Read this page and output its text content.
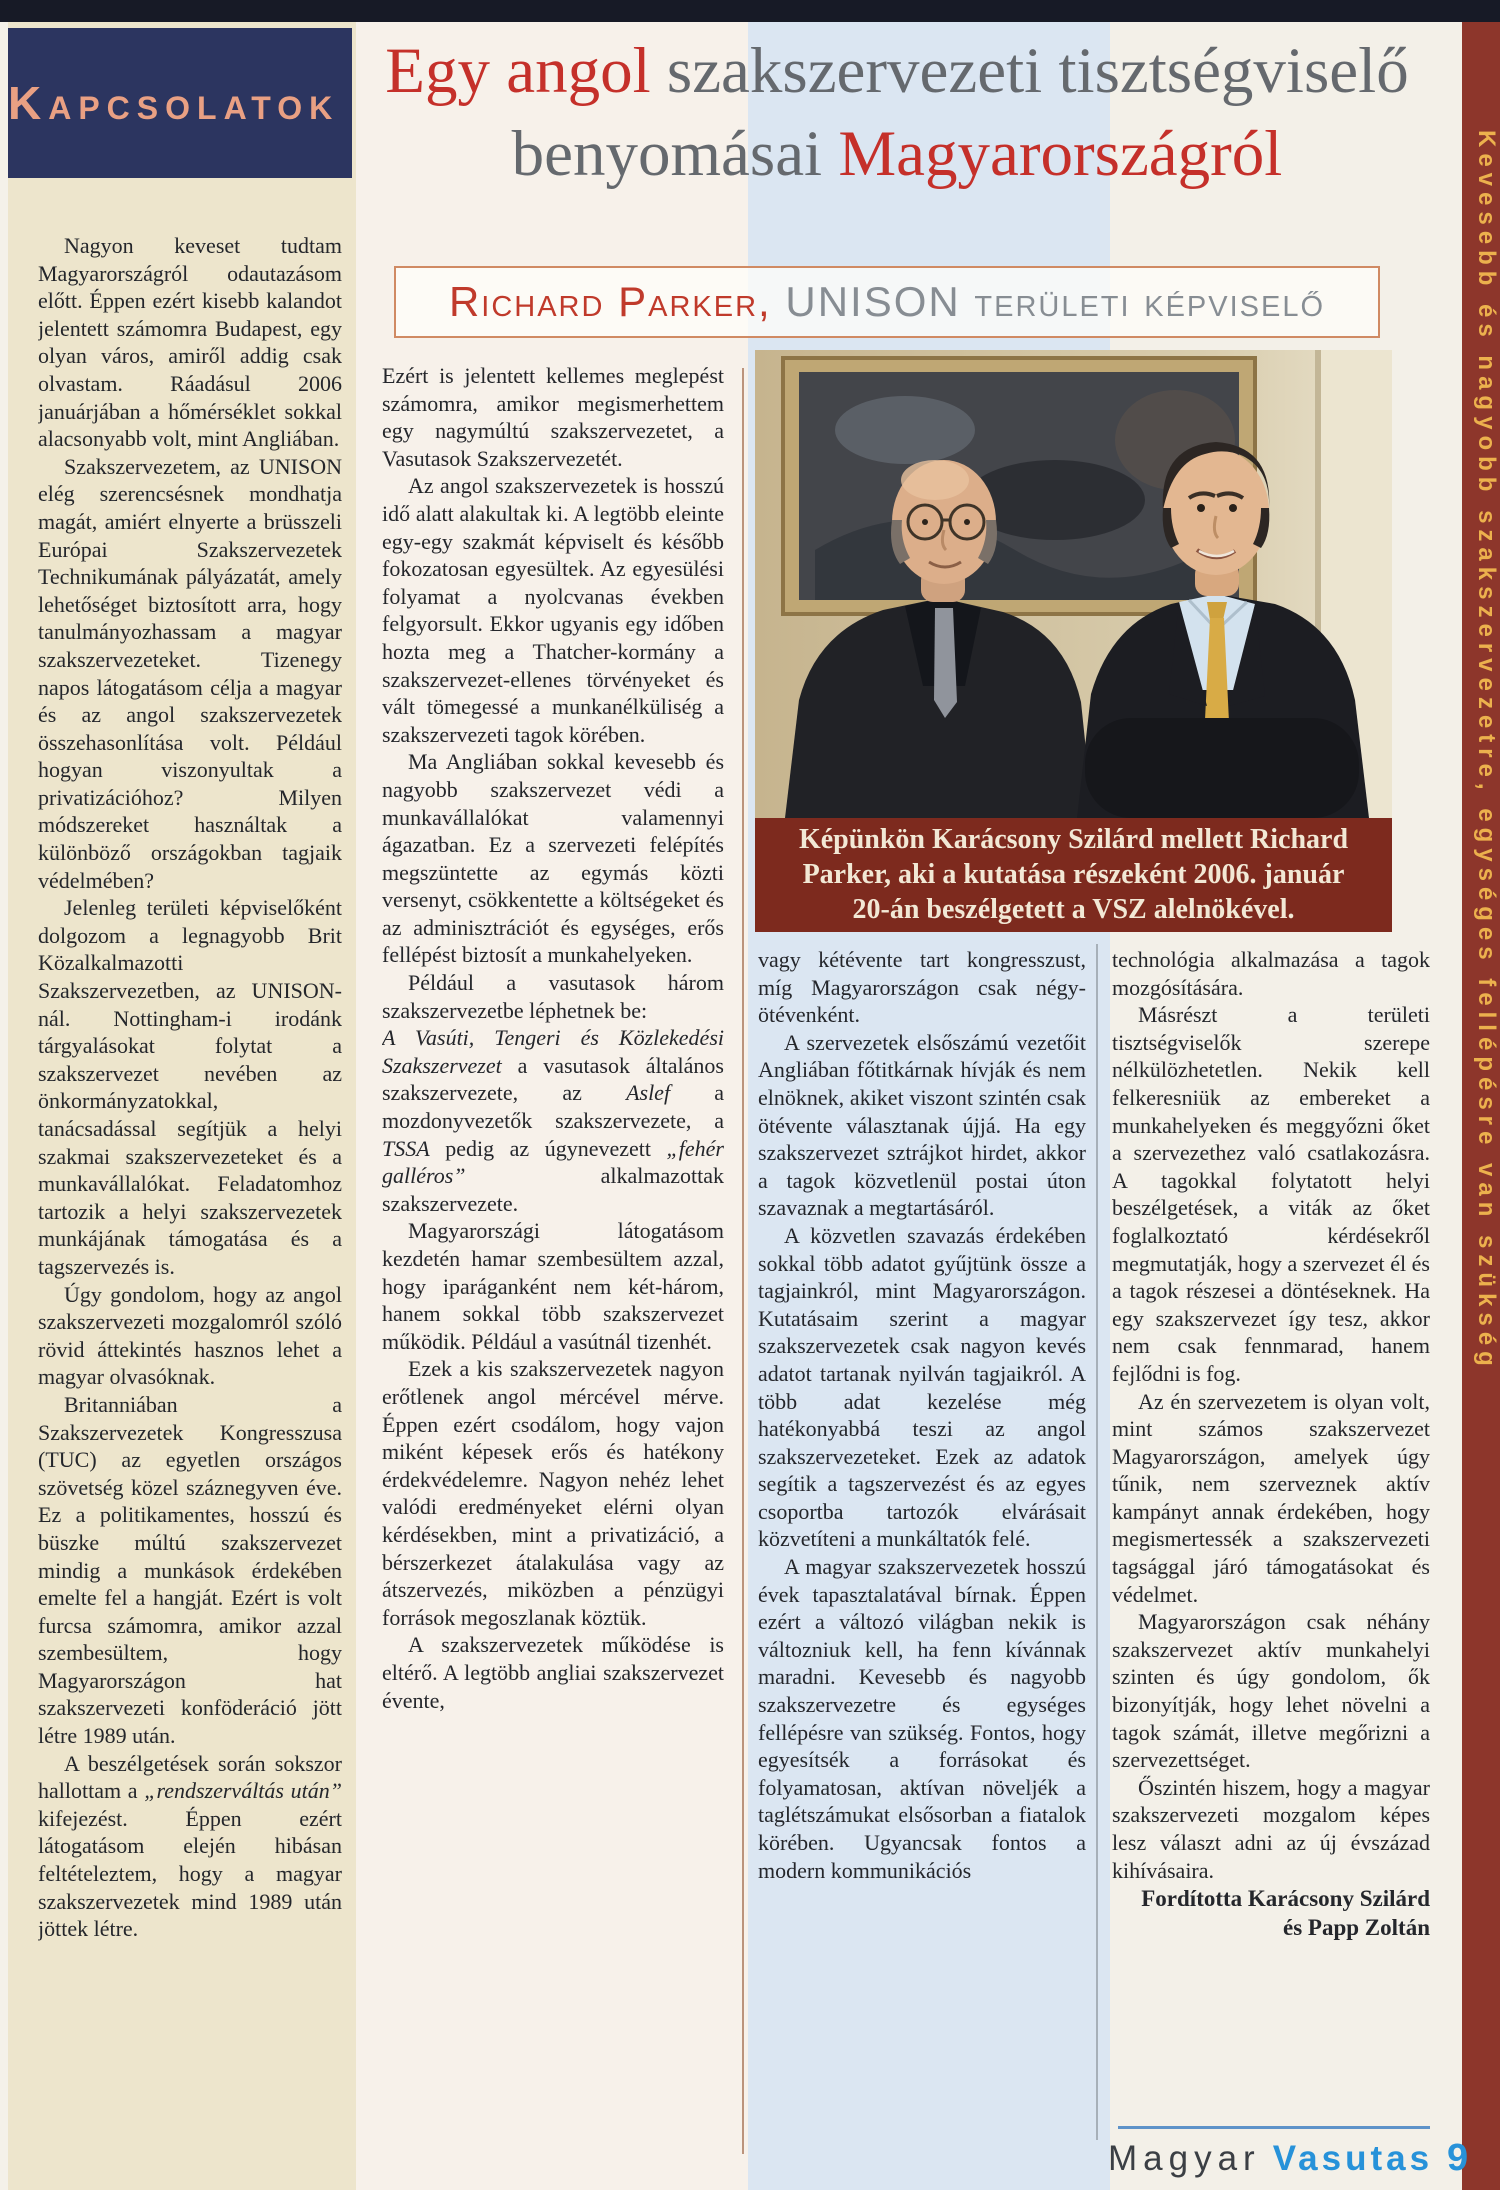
Kapcsolatok Egy angol szakszervezeti tisztségviselő
benyomásai Magyarországról
Richard Parker, UNISON területi képviselő

Nagyon keveset tudtam Magyarországról odautazásom előtt. Éppen ezért kisebb kalandot jelentett számomra Budapest, egy olyan város, amiről addig csak olvastam. Ráadásul 2006 januárjában a hőmérséklet sokkal alacsonyabb volt, mint Angliában.

Szakszervezetem, az UNISON elég szerencsésnek mondhatja magát, amiért elnyerte a brüsszeli Európai Szakszervezetek Technikumának pályázatát, amely lehetőséget biztosított arra, hogy tanulmányozhassam a magyar szakszervezeteket. Tizenegy napos látogatásom célja a magyar és az angol szakszervezetek összehasonlítása volt. Például hogyan viszonyultak a privatizációhoz? Milyen módszereket használtak a különböző országokban tagjaik védelmében?

Jelenleg területi képviselőként dolgozom a legnagyobb Brit Közalkalmazotti Szakszervezetben, az UNISON-nál. Nottingham-i irodánk tárgyalásokat folytat a szakszervezet nevében az önkormányzatokkal, tanácsadással segítjük a helyi szakmai szakszervezeteket és a munkavállalókat. Feladatomhoz tartozik a helyi szakszervezetek munkájának támogatása és a tagszervezés is.

Úgy gondolom, hogy az angol szakszervezeti mozgalomról szóló rövid áttekintés hasznos lehet a magyar olvasóknak.

Britanniában a Szakszervezetek Kongresszusa (TUC) az egyetlen országos szövetség közel száznegyven éve. Ez a politikamentes, hosszú és büszke múltú szakszervezet mindig a munkások érdekében emelte fel a hangját. Ezért is volt furcsa számomra, amikor azzal szembesültem, hogy Magyarországon hat szakszervezeti konföderáció jött létre 1989 után.

A beszélgetések során sokszor hallottam a „rendszerváltás után” kifejezést. Éppen ezért látogatásom elején hibásan feltételeztem, hogy a magyar szakszervezetek mind 1989 után jöttek létre.

Ezért is jelentett kellemes meglepést számomra, amikor megismerhettem egy nagymúltú szakszervezetet, a Vasutasok Szakszervezetét.

Az angol szakszervezetek is hosszú idő alatt alakultak ki. A legtöbb eleinte egy-egy szakmát képviselt és később fokozatosan egyesültek. Az egyesülési folyamat a nyolcvanas években felgyorsult. Ekkor ugyanis egy időben hozta meg a Thatcher-kormány a szakszervezet-ellenes törvényeket és vált tömegessé a munkanélküliség a szakszervezeti tagok körében.

Ma Angliában sokkal kevesebb és nagyobb szakszervezet védi a munkavállalókat valamennyi ágazatban. Ez a szervezeti felépítés megszüntette az egymás közti versenyt, csökkentette a költségeket és az adminisztrációt és egységes, erős fellépést biztosít a munkahelyeken.

Például a vasutasok három szakszervezetbe léphetnek be:

A Vasúti, Tengeri és Közlekedési Szakszervezet a vasutasok általános szakszervezete, az Aslef a mozdonyvezetők szakszervezete, a TSSA pedig az úgynevezett „fehér galléros” alkalmazottak szakszervezete.

Magyarországi látogatásom kezdetén hamar szembesültem azzal, hogy iparáganként nem két-három, hanem sokkal több szakszervezet működik. Például a vasútnál tizenhét.

Ezek a kis szakszervezetek nagyon erőtlenek angol mércével mérve. Éppen ezért csodálom, hogy vajon miként képesek erős és hatékony érdekvédelemre. Nagyon nehéz lehet valódi eredményeket elérni olyan kérdésekben, mint a privatizáció, a bérszerkezet átalakulása vagy az átszervezés, miközben a pénzügyi források megoszlanak köztük.

A szakszervezetek működése is eltérő. A legtöbb angliai szakszervezet évente,

Képünkön Karácsony Szilárd mellett Richard Parker, aki a kutatása részeként 2006. január 20-án beszélgetett a VSZ alelnökével.

vagy kétévente tart kongresszust, míg Magyarországon csak négy-ötévenként.

A szervezetek elsőszámú vezetőit Angliában főtitkárnak hívják és nem elnöknek, akiket viszont szintén csak ötévente választanak újjá. Ha egy szakszervezet sztrájkot hirdet, akkor a tagok közvetlenül postai úton szavaznak a megtartásáról.

A közvetlen szavazás érdekében sokkal több adatot gyűjtünk össze a tagjainkról, mint Magyarországon. Kutatásaim szerint a magyar szakszervezetek csak nagyon kevés adatot tartanak nyilván tagjaikról. A több adat kezelése még hatékonyabbá teszi az angol szakszervezeteket. Ezek az adatok segítik a tagszervezést és az egyes csoportba tartozók elvárásait közvetíteni a munkáltatók felé.

A magyar szakszervezetek hosszú évek tapasztalatával bírnak. Éppen ezért a változó világban nekik is változniuk kell, ha fenn kívánnak maradni. Kevesebb és nagyobb szakszervezetre és egységes fellépésre van szükség. Fontos, hogy egyesítsék a forrásokat és folyamatosan, aktívan növeljék a taglétszámukat elsősorban a fiatalok körében. Ugyancsak fontos a modern kommunikációs

technológia alkalmazása a tagok mozgósítására.

Másrészt a területi tisztségviselők szerepe nélkülözhetetlen. Nekik kell felkeresniük az embereket a munkahelyeken és meggyőzni őket a szervezethez való csatlakozásra. A tagokkal folytatott helyi beszélgetések, a viták az őket foglalkoztató kérdésekről megmutatják, hogy a szervezet él és a tagok részesei a döntéseknek. Ha egy szakszervezet így tesz, akkor nem csak fennmarad, hanem fejlődni is fog.

Az én szervezetem is olyan volt, mint számos szakszervezet Magyarországon, amelyek úgy tűnik, nem szerveznek aktív kampányt annak érdekében, hogy megismertessék a szakszervezeti tagsággal járó támogatásokat és védelmet.

Magyarországon csak néhány szakszervezet aktív munkahelyi szinten és úgy gondolom, ők bizonyítják, hogy lehet növelni a tagok számát, illetve megőrizni a szervezettséget.

Őszintén hiszem, hogy a magyar szakszervezeti mozgalom képes lesz választ adni az új évszázad kihívásaira.

Fordította Karácsony Szilárd és Papp Zoltán

Kevesebb és nagyobb szakszervezetre, egységes fellépésre van szükség
Magyar Vasutas 9
